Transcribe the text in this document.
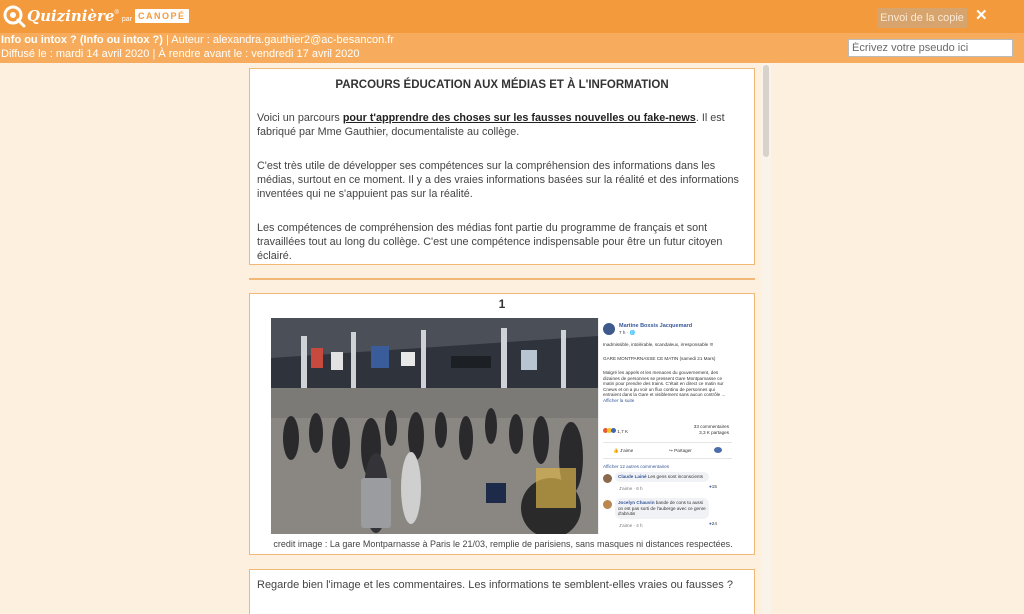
Quizinière ®
par CANOPÉ	Envoi de la copie ✕
Info ou intox ? (Info ou intox ?) | Auteur : alexandra.gauthier2@ac-besancon.fr
Diffusé le : mardi 14 avril 2020 | À rendre avant le : vendredi 17 avril 2020
Écrivez votre pseudo ici
PARCOURS ÉDUCATION AUX MÉDIAS ET À L'INFORMATION

Voici un parcours pour t'apprendre des choses sur les fausses nouvelles ou fake-news. Il est fabriqué par Mme Gauthier, documentaliste au collège.

C'est très utile de développer ses compétences sur la compréhension des informations dans les médias, surtout en ce moment. Il y a des vraies informations basées sur la réalité et des informations inventées qui ne s'appuient pas sur la réalité.

Les compétences de compréhension des médias font partie du programme de français et sont travaillées tout au long du collège. C'est une compétence indispensable pour être un futur citoyen éclairé.

1
Martine Boxsis Jacquemard
7 h · 🌐
Inadmissible, intolérable, scandaleux, irresponsable !!!
GARE MONTPARNASSE CE MATIN (samedi 21 Mars)
Malgré les appels et les menaces du gouvernement, des dizaines de personnes se pressent Gare Montparnasse ce matin pour prendre des trains. C'était en direct ce matin sur Cnews et on a pu voir un flux continu de personnes qui entraient dans la Gare et visiblement sans aucun contrôle ... Afficher la suite
1,7 K
33 commentaires
3,3 K partages
👍 J'aime	↪ Partager
Afficher 12 autres commentaires
Claude Lainé Les gens sont inconscients
●15
J'aime · 6 h
Jocelyn Chauvin bande de cons tu aussi on est pas sorti de l'auberge avec ce genre d'abrutis
●24
J'aime · 4 h
credit image : La gare Montparnasse à Paris le 21/03, remplie de parisiens, sans masques ni distances respectées.

Regarde bien l'image et les commentaires. Les informations te semblent-elles vraies ou fausses ?
